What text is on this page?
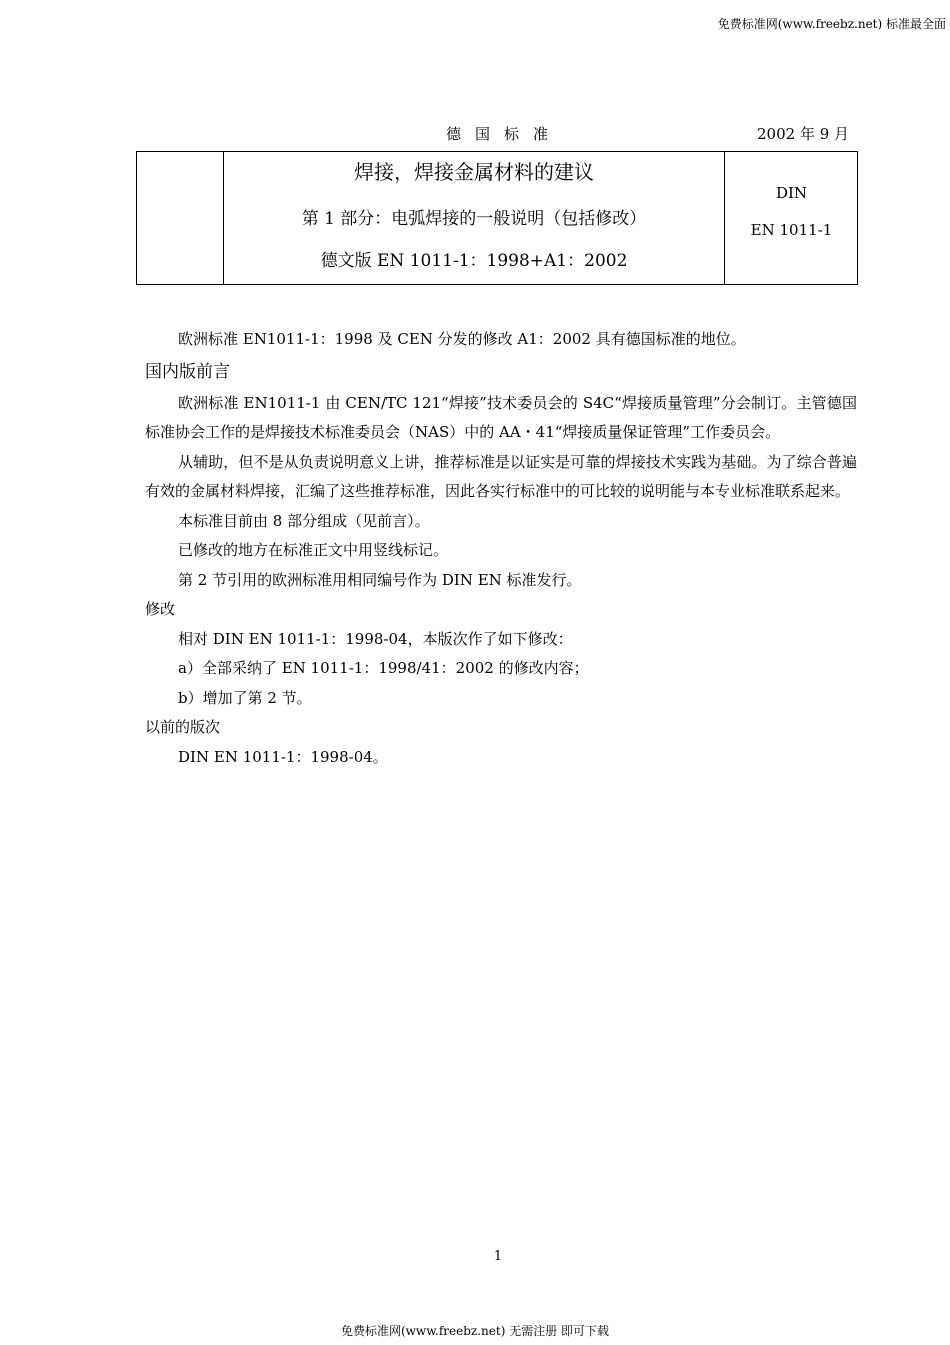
免费标准网(www.freebz.net) 标准最全面
德国标准	2002 年 9 月
焊接，焊接金属材料的建议
第 1 部分：电弧焊接的一般说明（包括修改）
德文版 EN 1011-1：1998+A1：2002
DIN
EN 1011-1

欧洲标准 EN1011-1：1998 及 CEN 分发的修改 A1：2002 具有德国标准的地位。

国内版前言

欧洲标准 EN1011-1 由 CEN/TC 121“焊接”技术委员会的 S4C“焊接质量管理”分会制订。主管德国标准协会工作的是焊接技术标准委员会（NAS）中的 AA・41“焊接质量保证管理”工作委员会。

从辅助，但不是从负责说明意义上讲，推荐标准是以证实是可靠的焊接技术实践为基础。为了综合普遍有效的金属材料焊接，汇编了这些推荐标准，因此各实行标准中的可比较的说明能与本专业标准联系起来。

本标准目前由 8 部分组成（见前言）。

已修改的地方在标准正文中用竖线标记。

第 2 节引用的欧洲标准用相同编号作为 DIN EN 标准发行。

修改

相对 DIN EN 1011-1：1998-04，本版次作了如下修改：

a）全部采纳了 EN 1011-1：1998/41：2002 的修改内容；

b）增加了第 2 节。

以前的版次

DIN EN 1011-1：1998-04。

1
免费标准网(www.freebz.net) 无需注册 即可下载
